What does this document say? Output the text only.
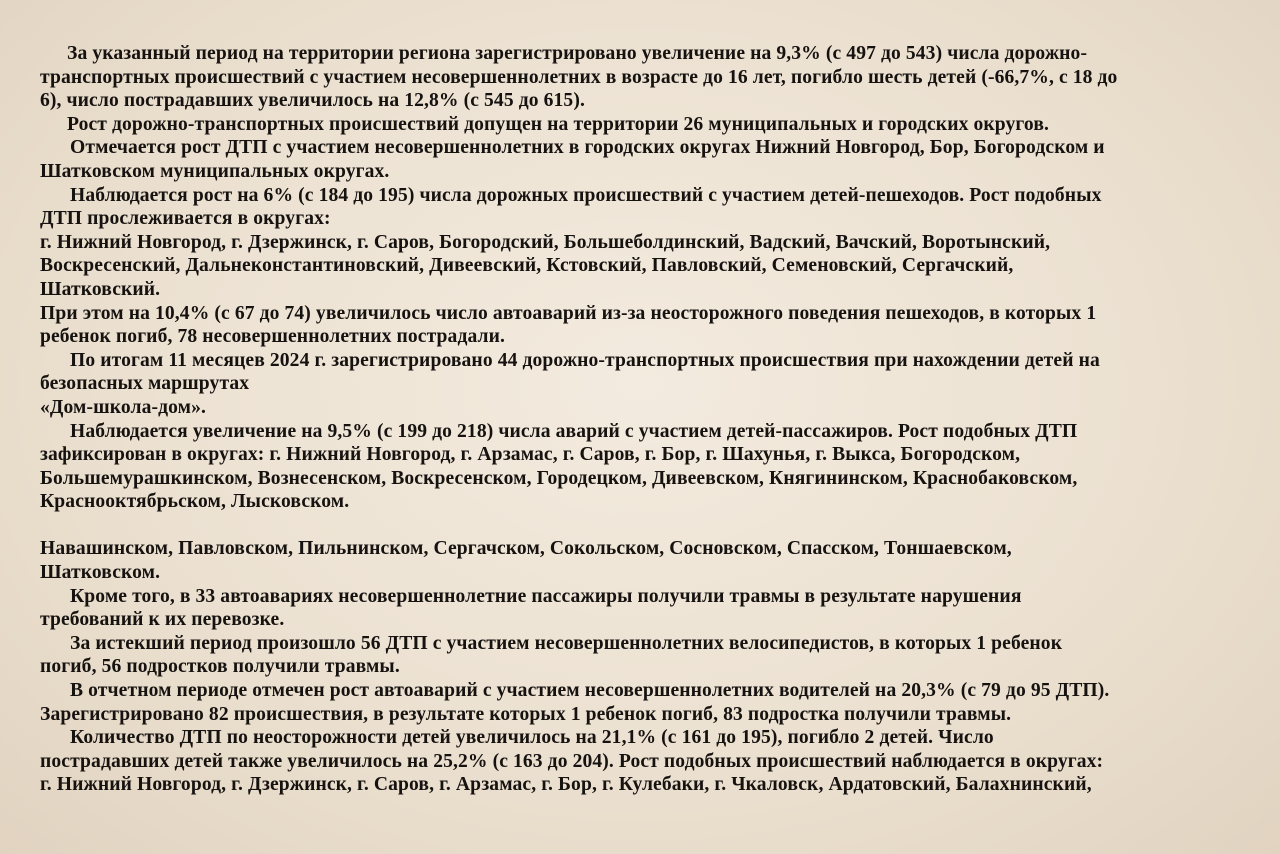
За указанный период на территории региона зарегистрировано увеличение на 9,3% (с 497 до 543) числа дорожно-
транспортных происшествий с участием несовершеннолетних в возрасте до 16 лет, погибло шесть детей (-66,7%, с 18 до
6), число пострадавших увеличилось на 12,8% (с 545 до 615).
Рост дорожно-транспортных происшествий допущен на территории 26 муниципальных и городских округов.
Отмечается рост ДТП с участием несовершеннолетних в городских округах Нижний Новгород, Бор, Богородском и
Шатковском муниципальных округах.
Наблюдается рост на 6% (с 184 до 195) числа дорожных происшествий с участием детей-пешеходов. Рост подобных
ДТП прослеживается в округах:
г. Нижний Новгород, г. Дзержинск, г. Саров, Богородский, Большеболдинский, Вадский, Вачский, Воротынский,
Воскресенский, Дальнеконстантиновский, Дивеевский, Кстовский, Павловский, Семеновский, Сергачский,
Шатковский.
При этом на 10,4% (с 67 до 74) увеличилось число автоаварий из-за неосторожного поведения пешеходов, в которых 1
ребенок погиб, 78 несовершеннолетних пострадали.
По итогам 11 месяцев 2024 г. зарегистрировано 44 дорожно-транспортных происшествия при нахождении детей на
безопасных маршрутах
«Дом-школа-дом».
Наблюдается увеличение на 9,5% (с 199 до 218) числа аварий с участием детей-пассажиров. Рост подобных ДТП
зафиксирован в округах: г. Нижний Новгород, г. Арзамас, г. Саров, г. Бор, г. Шахунья, г. Выкса, Богородском,
Большемурашкинском, Вознесенском, Воскресенском, Городецком, Дивеевском, Княгининском, Краснобаковском,
Краснооктябрьском, Лысковском.
Навашинском, Павловском, Пильнинском, Сергачском, Сокольском, Сосновском, Спасском, Тоншаевском,
Шатковском.
Кроме того, в 33 автоавариях несовершеннолетние пассажиры получили травмы в результате нарушения
требований к их перевозке.
За истекший период произошло 56 ДТП с участием несовершеннолетних велосипедистов, в которых 1 ребенок
погиб, 56 подростков получили травмы.
В отчетном периоде отмечен рост автоаварий с участием несовершеннолетних водителей на 20,3% (с 79 до 95 ДТП).
Зарегистрировано 82 происшествия, в результате которых 1 ребенок погиб, 83 подростка получили травмы.
Количество ДТП по неосторожности детей увеличилось на 21,1% (с 161 до 195), погибло 2 детей. Число
пострадавших детей также увеличилось на 25,2% (с 163 до 204). Рост подобных происшествий наблюдается в округах:
г. Нижний Новгород, г. Дзержинск, г. Саров, г. Арзамас, г. Бор, г. Кулебаки, г. Чкаловск, Ардатовский, Балахнинский,
